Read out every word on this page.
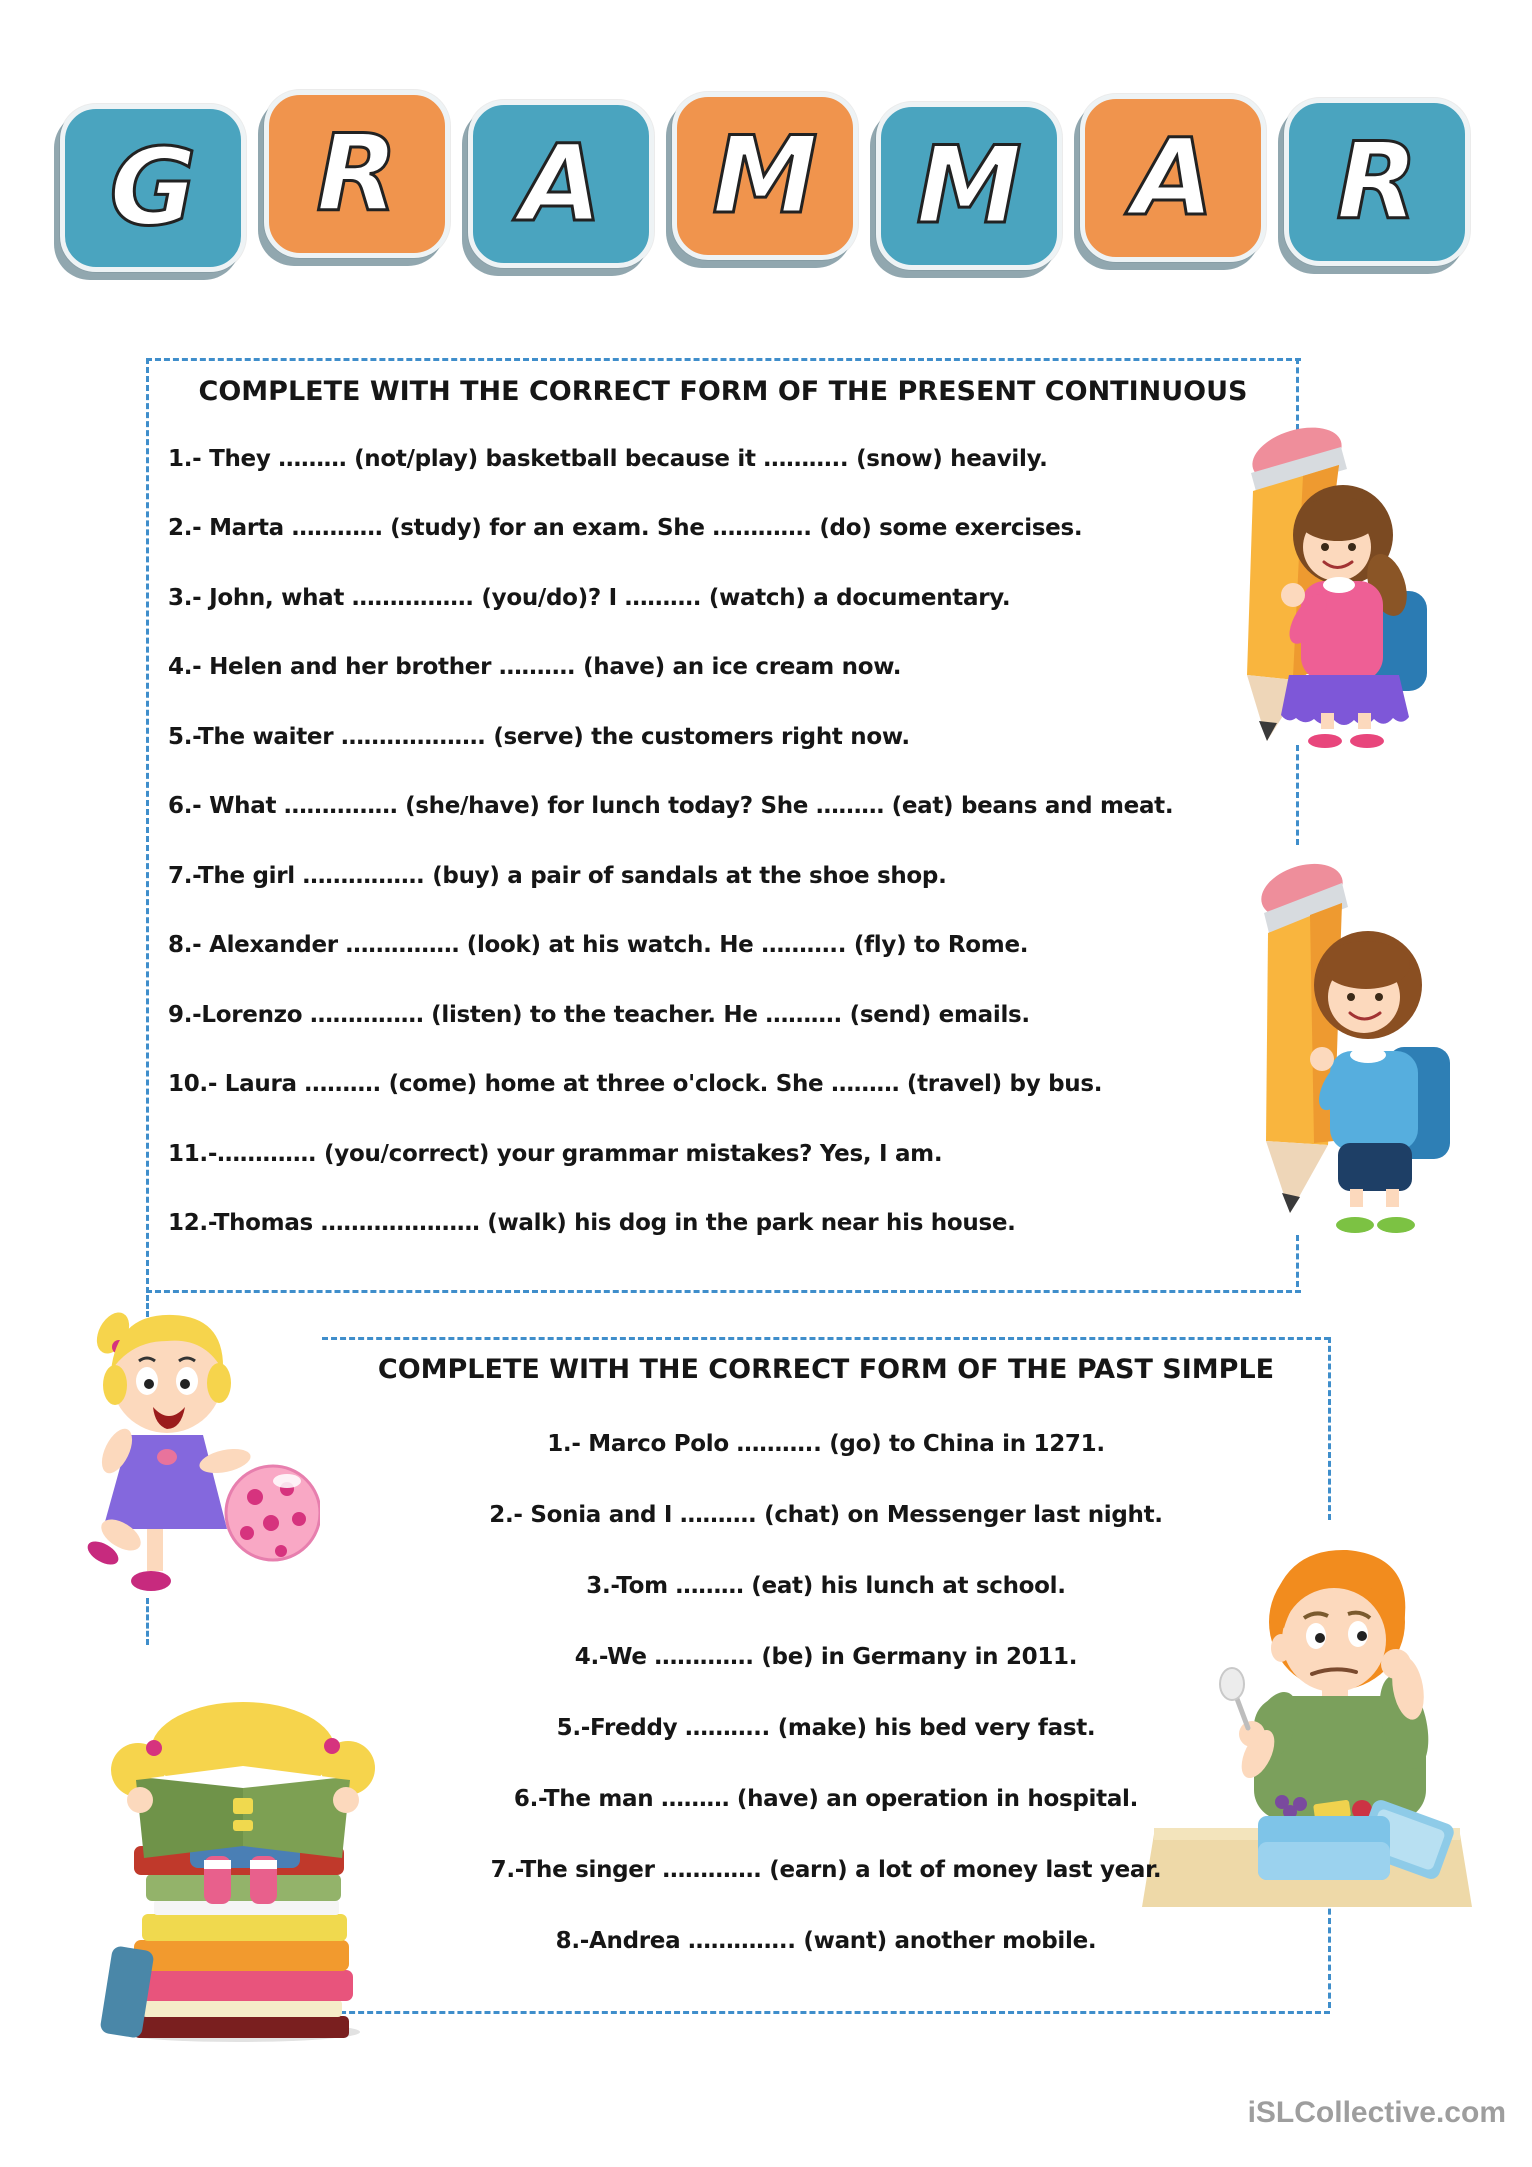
G R A M M A R
COMPLETE WITH THE CORRECT FORM OF THE PRESENT CONTINUOUS
1.- They ……… (not/play) basketball because it ……….. (snow) heavily.
2.- Marta ………… (study) for an exam. She …………. (do) some exercises.
3.- John, what ……………. (you/do)? I ………. (watch) a documentary.
4.- Helen and her brother ………. (have) an ice cream now.
5.-The waiter ………………. (serve) the customers right now.
6.- What …………… (she/have) for lunch today? She ……… (eat) beans and meat.
7.-The girl ……………. (buy) a pair of sandals at the shoe shop.
8.- Alexander …………… (look) at his watch. He ……….. (fly) to Rome.
9.-Lorenzo …………… (listen) to the teacher. He ………. (send) emails.
10.- Laura ………. (come) home at three o'clock. She ……… (travel) by bus.
11.-…………. (you/correct) your grammar mistakes? Yes, I am.
12.-Thomas ………………… (walk) his dog in the park near his house.
COMPLETE WITH THE CORRECT FORM OF THE PAST SIMPLE
1.- Marco Polo ……….. (go) to China in 1271.
2.- Sonia and I ………. (chat) on Messenger last night.
3.-Tom ……… (eat) his lunch at school.
4.-We …………. (be) in Germany in 2011.
5.-Freddy ……….. (make) his bed very fast.
6.-The man ……… (have) an operation in hospital.
7.-The singer …………. (earn) a lot of money last year.
8.-Andrea ………….. (want) another mobile.
iSLCollective.com
